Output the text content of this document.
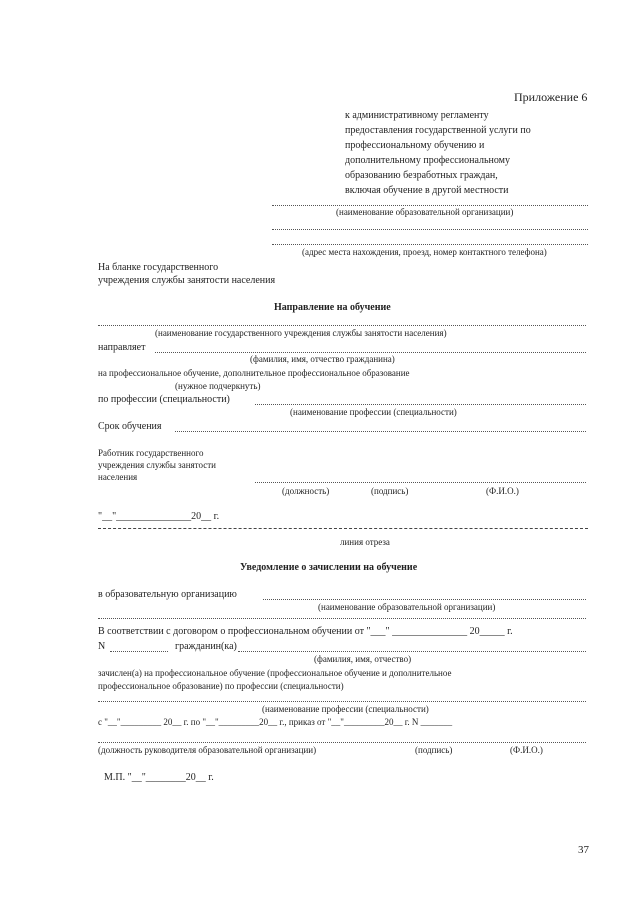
Приложение 6
к административному регламенту
предоставления государственной услуги по
профессиональному обучению и
дополнительному профессиональному
образованию безработных граждан,
включая обучение в другой местности
(наименование образовательной организации)
(адрес места нахождения, проезд, номер контактного телефона)
На бланке государственного
учреждения службы занятости населения
Направление на обучение
(наименование государственного учреждения службы занятости населения)
направляет
(фамилия, имя, отчество гражданина)
на профессиональное обучение, дополнительное профессиональное образование
(нужное подчеркнуть)
по профессии (специальности)
(наименование профессии (специальности)
Срок обучения
Работник государственного
учреждения службы занятости
населения
(должность)	(подпись)	(Ф.И.О.)
"__"_______________20__ г.
линия отреза
Уведомление о зачислении на обучение
в образовательную организацию
(наименование образовательной организации)
В соответствии с договором о профессиональном обучении от "___" _______________ 20_____ г.
N	гражданин(ка)
(фамилия, имя, отчество)
зачислен(а) на профессиональное обучение (профессиональное обучение и дополнительное
профессиональное образование) по профессии (специальности)
(наименование профессии (специальности)
с "__"_________ 20__ г. по "__"_________20__ г., приказ от "__"_________20__ г. N _______
(должность руководителя образовательной организации)	(подпись)	(Ф.И.О.)
М.П. "__"________20__ г.
37
